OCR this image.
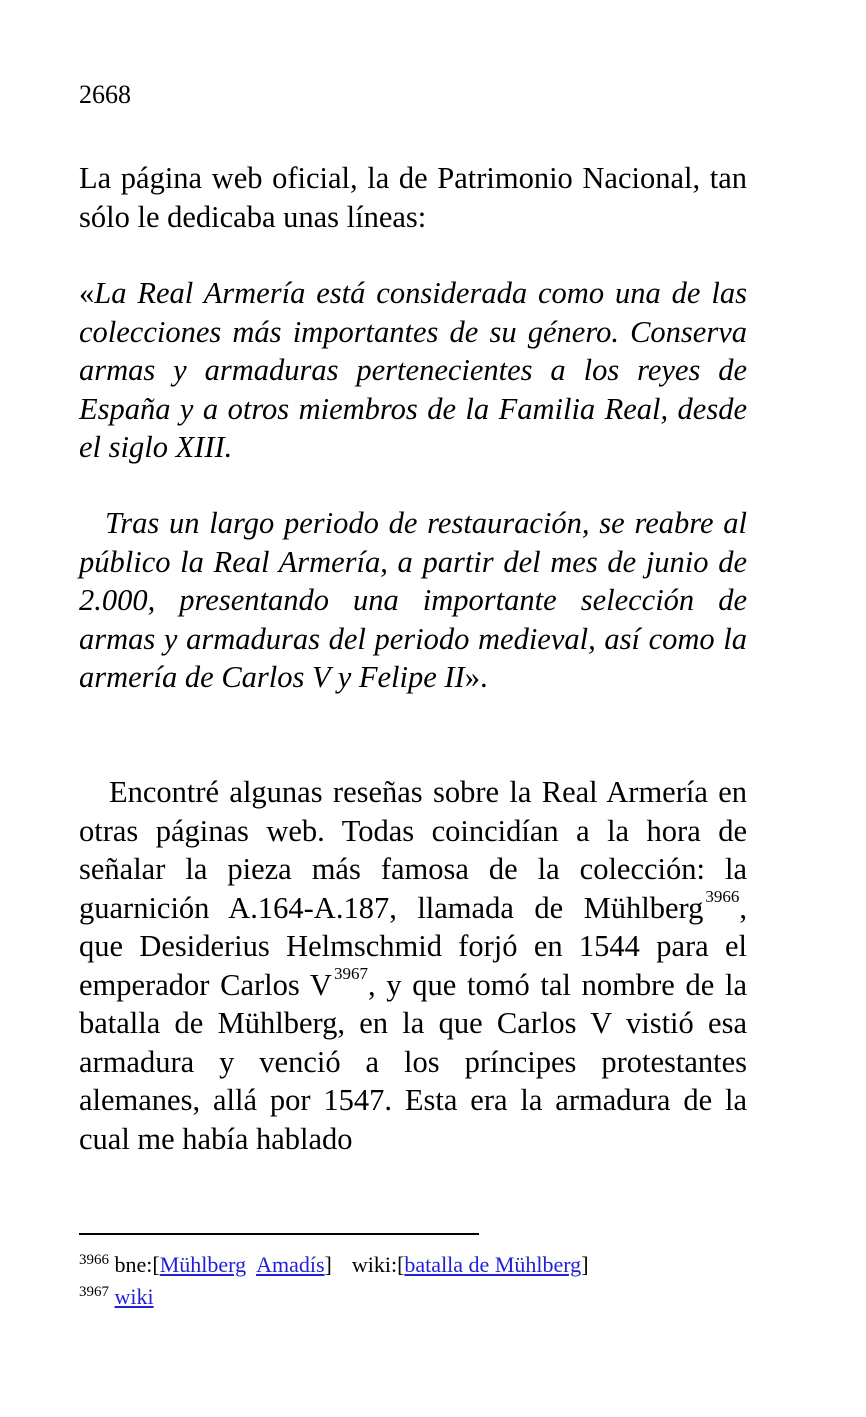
2668

La página web oficial, la de Patrimonio Nacional, tan sólo le dedicaba unas líneas:

«La Real Armería está considerada como una de las colecciones más importantes de su género. Conserva armas y armaduras pertenecientes a los reyes de España y a otros miembros de la Familia Real, desde el siglo XIII.

Tras un largo periodo de restauración, se reabre al público la Real Armería, a partir del mes de junio de 2.000, presentando una importante selección de armas y armaduras del periodo medieval, así como la armería de Carlos V y Felipe II».

Encontré algunas reseñas sobre la Real Armería en otras páginas web. Todas coincidían a la hora de señalar la pieza más famosa de la colección: la guarnición A.164-A.187, llamada de Mühlberg $^{3966}$, que Desiderius Helmschmid forjó en 1544 para el emperador Carlos V $^{3967}$, y que tomó tal nombre de la batalla de Mühlberg, en la que Carlos V vistió esa armadura y venció a los príncipes protestantes alemanes, allá por 1547. Esta era la armadura de la cual me había hablado

$^{3966}$ bne:[Mühlberg Amadís] wiki:[batalla de Mühlberg]

$^{3967}$ wiki
